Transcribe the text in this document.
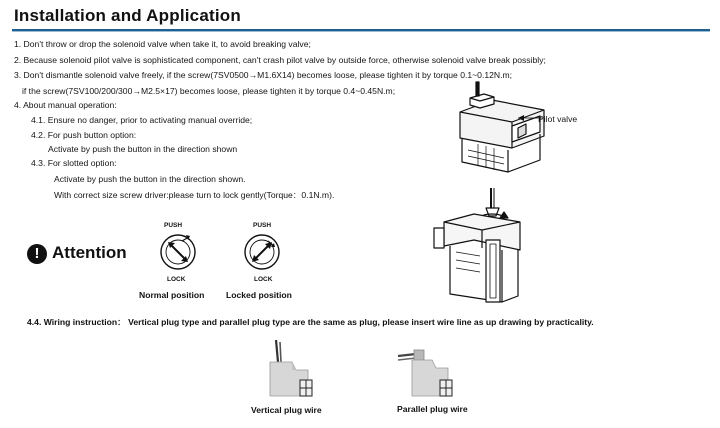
Installation and Application
1. Don't throw or drop the solenoid valve when take it, to avoid breaking valve;
2. Because solenoid pilot valve is sophisticated component, can't crash pilot valve by outside force, otherwise solenoid valve break possibly;
3. Don't dismantle solenoid valve freely, if the screw(7SV0500→M1.6X14) becomes loose, please tighten it by torque 0.1~0.12N.m;
if the screw(7SV100/200/300→M2.5×17) becomes loose, please tighten it by torque 0.4~0.45N.m;
4. About manual operation:
4.1. Ensure no danger, prior to activating manual override;
4.2. For push button option:
Activate by push the button in the direction shown
4.3. For slotted option:
Activate by push the button in the direction shown.
With correct size screw driver:please turn to lock gently(Torque：0.1N.m).
Pilot valve
! Attention
PUSH
LOCK
Normal position
PUSH
LOCK
Locked position
4.4. Wiring instruction： Vertical plug type and parallel plug type are the same as plug, please insert wire line as up drawing by practicality.
Vertical plug wire	Parallel plug wire
